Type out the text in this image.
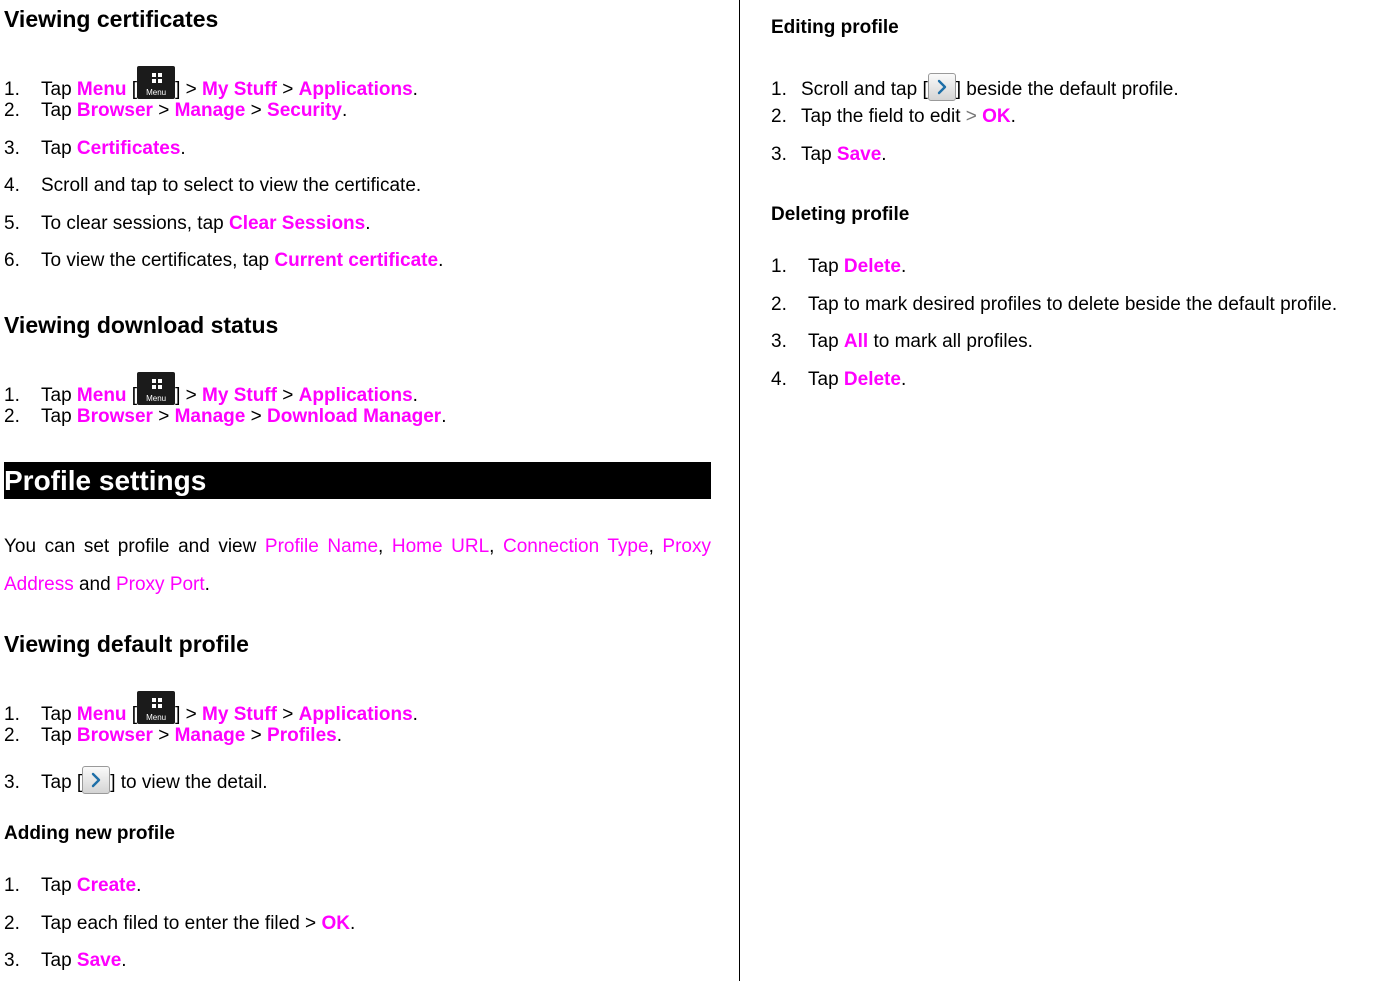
Viewing certificates
1. Tap Menu [	Menu ] > My Stuff > Applications.
2. Tap Browser > Manage > Security.
3. Tap Certificates.
4. Scroll and tap to select to view the certificate.
5. To clear sessions, tap Clear Sessions.
6. To view the certificates, tap Current certificate.
Viewing download status
1. Tap Menu [	Menu ] > My Stuff > Applications.
2. Tap Browser > Manage > Download Manager.
Profile settings
You can set profile and view Profile Name, Home URL, Connection Type, Proxy Address and Proxy Port.
Viewing default profile
1. Tap Menu [	Menu ] > My Stuff > Applications.
2. Tap Browser > Manage > Profiles.
3. Tap [ ] to view the detail.
Adding new profile
1. Tap Create.
2. Tap each filed to enter the filed > OK.
3. Tap Save.
Editing profile
1. Scroll and tap [ ] beside the default profile.
2. Tap the field to edit > OK.
3. Tap Save.
Deleting profile
1. Tap Delete.
2. Tap to mark desired profiles to delete beside the default profile.
3. Tap All to mark all profiles.
4. Tap Delete.
